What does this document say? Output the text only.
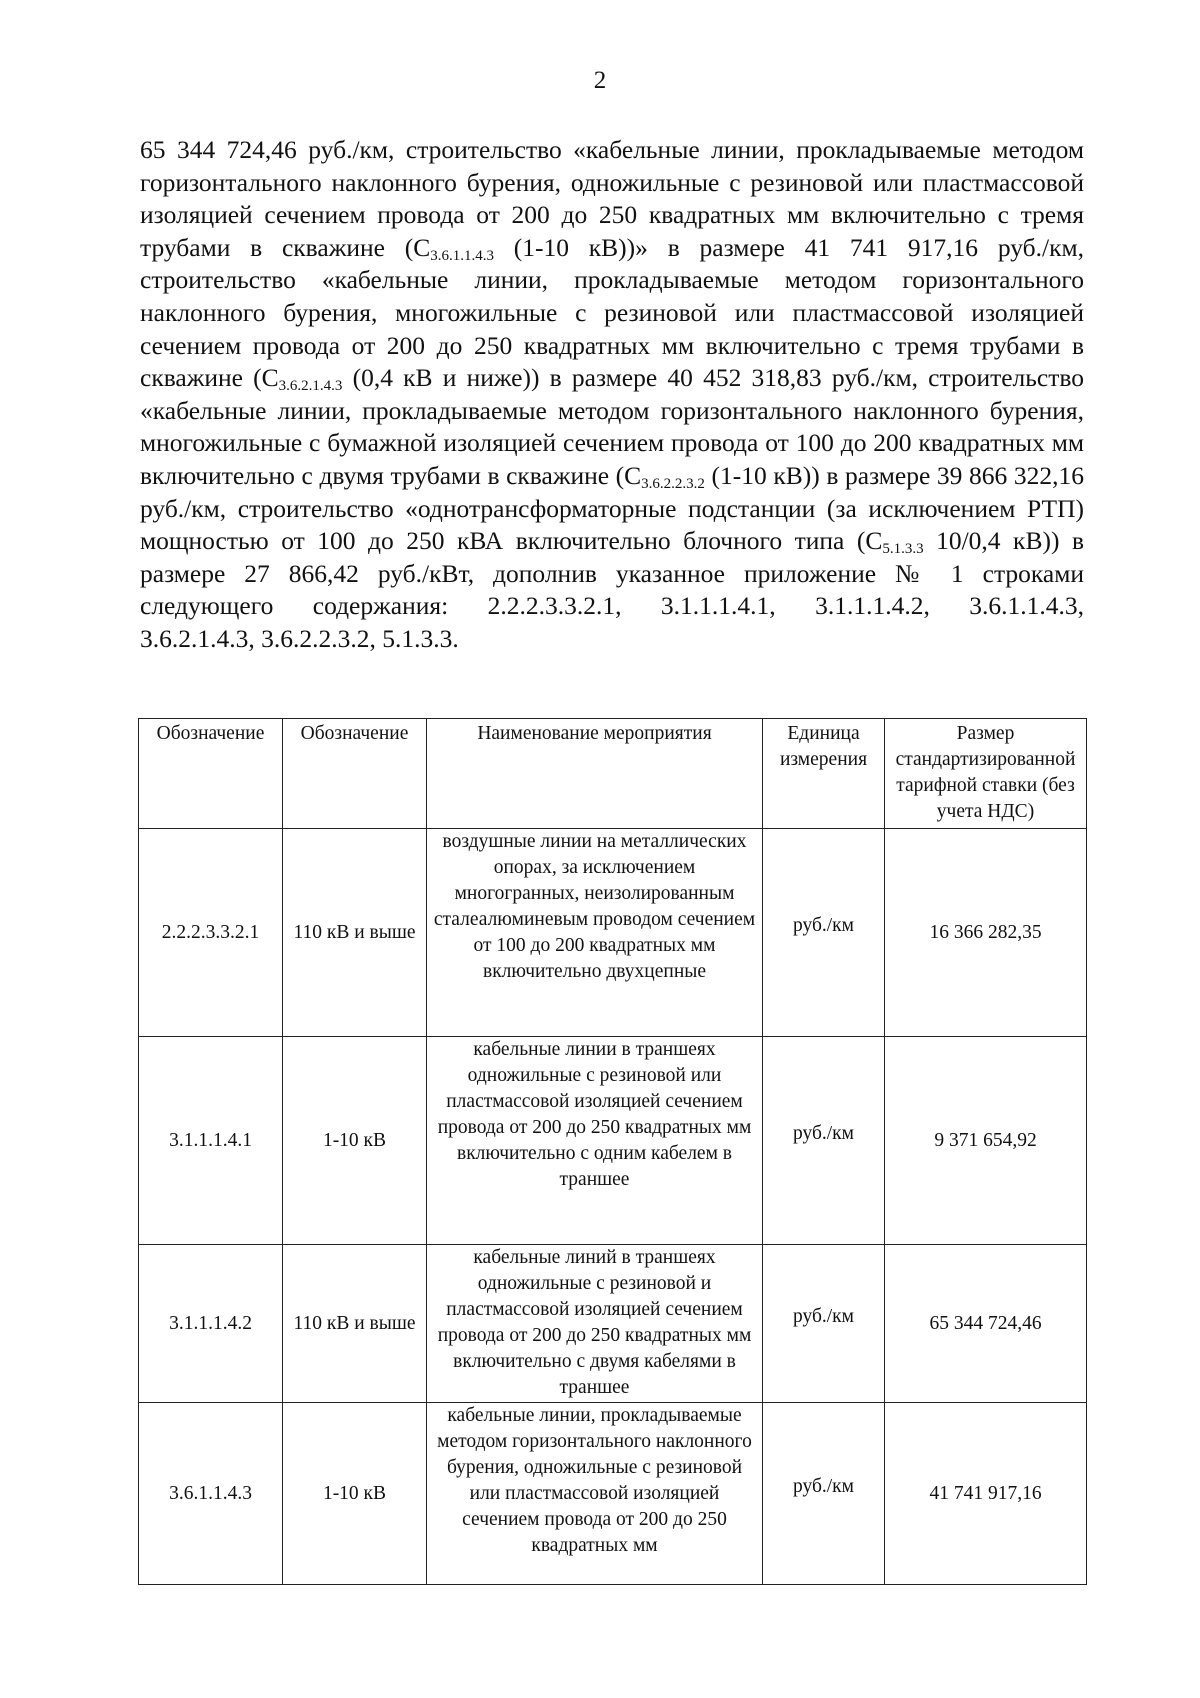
2
65 344 724,46 руб./км, строительство «кабельные линии, прокладываемые методом горизонтального наклонного бурения, одножильные с резиновой или пластмассовой изоляцией сечением провода от 200 до 250 квадратных мм включительно с тремя трубами в скважине ($С_{3.6.1.1.4.3}$ (1-10 кВ))» в размере 41 741 917,16 руб./км, строительство «кабельные линии, прокладываемые методом горизонтального наклонного бурения, многожильные с резиновой или пластмассовой изоляцией сечением провода от 200 до 250 квадратных мм включительно с тремя трубами в скважине ($С_{3.6.2.1.4.3}$ (0,4 кВ и ниже)) в размере 40 452 318,83 руб./км, строительство «кабельные линии, прокладываемые методом горизонтального наклонного бурения, многожильные с бумажной изоляцией сечением провода от 100 до 200 квадратных мм включительно с двумя трубами в скважине ($С_{3.6.2.2.3.2}$ (1-10 кВ)) в размере 39 866 322,16 руб./км, строительство «однотрансформаторные подстанции (за исключением РТП) мощностью от 100 до 250 кВА включительно блочного типа ($С_{5.1.3.3}$ 10/0,4 кВ)) в размере 27 866,42 руб./кВт, дополнив указанное приложение № 1 строками следующего содержания: 2.2.2.3.3.2.1, 3.1.1.1.4.1, 3.1.1.1.4.2, 3.6.1.1.4.3,
3.6.2.1.4.3, 3.6.2.2.3.2, 5.1.3.3.
Обозначение	Обозначение	Наименование мероприятия	Единица измерения	Размер стандартизированной тарифной ставки (без учета НДС)
2.2.2.3.3.2.1	110 кВ и выше	воздушные линии на металлических опорах, за исключением многогранных, неизолированным сталеалюминевым проводом сечением от 100 до 200 квадратных мм включительно двухцепные	руб./км	16 366 282,35
3.1.1.1.4.1	1-10 кВ	кабельные линии в траншеях одножильные с резиновой или пластмассовой изоляцией сечением провода от 200 до 250 квадратных мм включительно с одним кабелем в траншее	руб./км	9 371 654,92
3.1.1.1.4.2	110 кВ и выше	кабельные линий в траншеях одножильные с резиновой и пластмассовой изоляцией сечением провода от 200 до 250 квадратных мм включительно с двумя кабелями в траншее	руб./км	65 344 724,46
3.6.1.1.4.3	1-10 кВ	кабельные линии, прокладываемые методом горизонтального наклонного бурения, одножильные с резиновой или пластмассовой изоляцией сечением провода от 200 до 250 квадратных мм	руб./км	41 741 917,16
